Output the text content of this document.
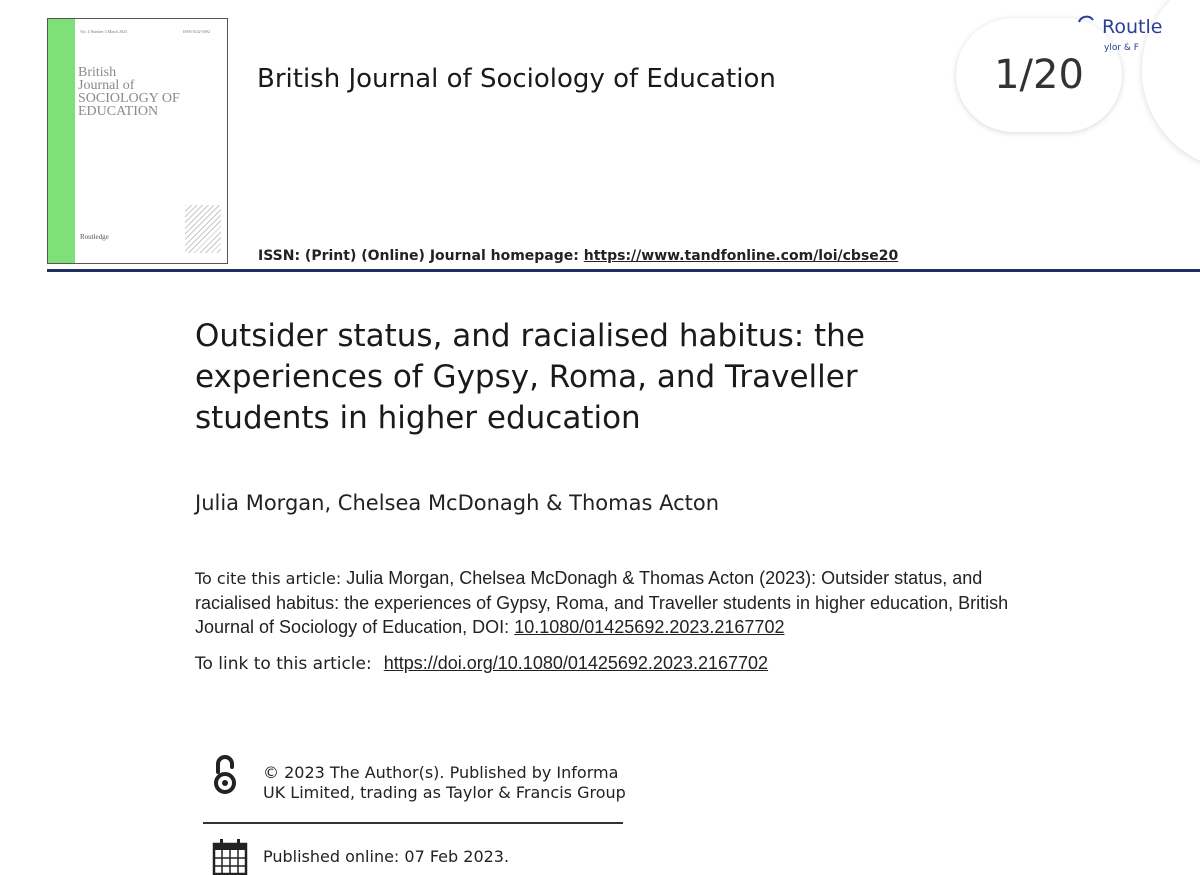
Vol. 4 Number 3 March 2023	ISSN 0142-5692
British
Journal of
SOCIOLOGY OF
EDUCATION
Routledge
British Journal of Sociology of Education
ISSN: (Print) (Online) Journal homepage: https://www.tandfonline.com/loi/cbse20
1/20
Routle
ylor & F
Outsider status, and racialised habitus: the experiences of Gypsy, Roma, and Traveller students in higher education
Julia Morgan, Chelsea McDonagh & Thomas Acton
To cite this article: Julia Morgan, Chelsea McDonagh & Thomas Acton (2023): Outsider status, and racialised habitus: the experiences of Gypsy, Roma, and Traveller students in higher education, British Journal of Sociology of Education, DOI: 10.1080/01425692.2023.2167702
To link to this article: https://doi.org/10.1080/01425692.2023.2167702
© 2023 The Author(s). Published by Informa UK Limited, trading as Taylor & Francis Group
Published online: 07 Feb 2023.
